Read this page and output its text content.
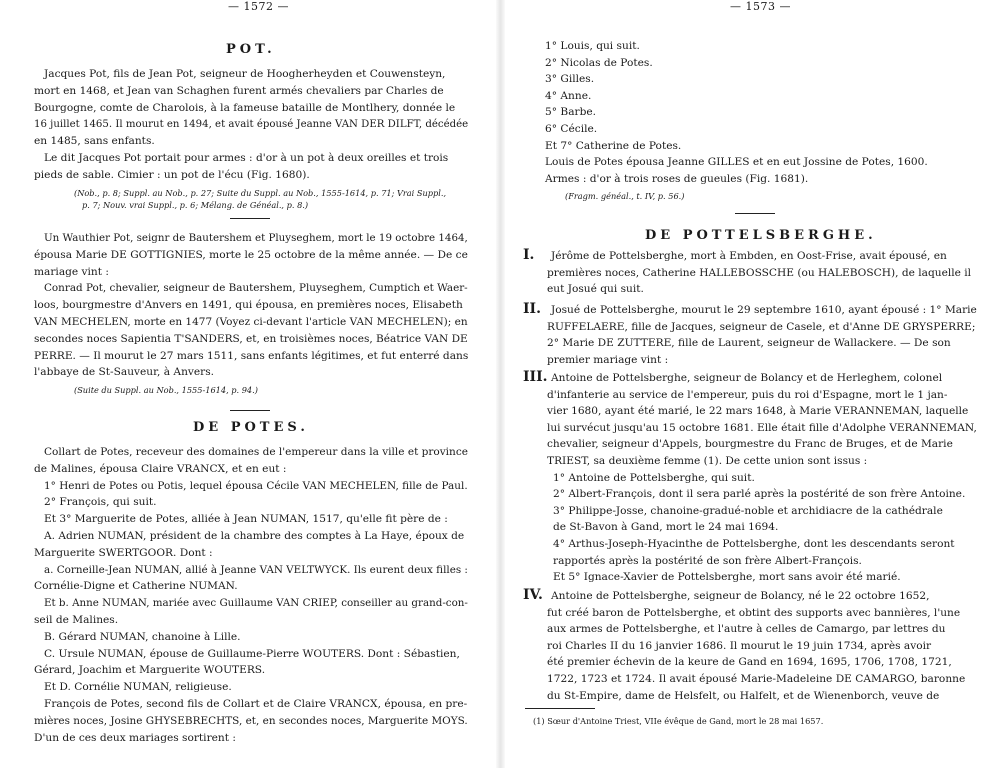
— 1572 —
POT.
Jacques Pot, fils de Jean Pot, seigneur de Hoogherheyden et Couwensteyn,
mort en 1468, et Jean van Schaghen furent armés chevaliers par Charles de
Bourgogne, comte de Charolois, à la fameuse bataille de Montlhery, donnée le
16 juillet 1465. Il mourut en 1494, et avait épousé Jeanne VAN DER DILFT, décédée
en 1485, sans enfants.
Le dit Jacques Pot portait pour armes : d'or à un pot à deux oreilles et trois
pieds de sable. Cimier : un pot de l'écu (Fig. 1680).
(Nob., p. 8; Suppl. au Nob., p. 27; Suite du Suppl. au Nob., 1555-1614, p. 71; Vrai Suppl.,
p. 7; Nouv. vrai Suppl., p. 6; Mélang. de Généal., p. 8.)
Un Wauthier Pot, seignr de Bautershem et Pluyseghem, mort le 19 octobre 1464,
épousa Marie DE GOTTIGNIES, morte le 25 octobre de la même année. — De ce
mariage vint :
Conrad Pot, chevalier, seigneur de Bautershem, Pluyseghem, Cumptich et Waer-
loos, bourgmestre d'Anvers en 1491, qui épousa, en premières noces, Elisabeth
VAN MECHELEN, morte en 1477 (Voyez ci-devant l'article VAN MECHELEN); en
secondes noces Sapientia T'SANDERS, et, en troisièmes noces, Béatrice VAN DE
PERRE. — Il mourut le 27 mars 1511, sans enfants légitimes, et fut enterré dans
l'abbaye de St-Sauveur, à Anvers.
(Suite du Suppl. au Nob., 1555-1614, p. 94.)
DE POTES.
Collart de Potes, receveur des domaines de l'empereur dans la ville et province
de Malines, épousa Claire VRANCX, et en eut :
1° Henri de Potes ou Potis, lequel épousa Cécile VAN MECHELEN, fille de Paul.
2° François, qui suit.
Et 3° Marguerite de Potes, alliée à Jean NUMAN, 1517, qu'elle fit père de :
A. Adrien NUMAN, président de la chambre des comptes à La Haye, époux de
Marguerite SWERTGOOR. Dont :
a. Corneille-Jean NUMAN, allié à Jeanne VAN VELTWYCK. Ils eurent deux filles :
Cornélie-Digne et Catherine NUMAN.
Et b. Anne NUMAN, mariée avec Guillaume VAN CRIEP, conseiller au grand-con-
seil de Malines.
B. Gérard NUMAN, chanoine à Lille.
C. Ursule NUMAN, épouse de Guillaume-Pierre WOUTERS. Dont : Sébastien,
Gérard, Joachim et Marguerite WOUTERS.
Et D. Cornélie NUMAN, religieuse.
François de Potes, second fils de Collart et de Claire VRANCX, épousa, en pre-
mières noces, Josine GHYSEBRECHTS, et, en secondes noces, Marguerite MOYS.
D'un de ces deux mariages sortirent :
— 1573 —
1° Louis, qui suit.
2° Nicolas de Potes.
3° Gilles.
4° Anne.
5° Barbe.
6° Cécile.
Et 7° Catherine de Potes.
Louis de Potes épousa Jeanne GILLES et en eut Jossine de Potes, 1600.
Armes : d'or à trois roses de gueules (Fig. 1681).
(Fragm. généal., t. IV, p. 56.)
DE POTTELSBERGHE.
I. Jérôme de Pottelsberghe, mort à Embden, en Oost-Frise, avait épousé, en
premières noces, Catherine HALLEBOSSCHE (ou HALEBOSCH), de laquelle il
eut Josué qui suit.
II. Josué de Pottelsberghe, mourut le 29 septembre 1610, ayant épousé : 1° Marie
RUFFELAERE, fille de Jacques, seigneur de Casele, et d'Anne DE GRYSPERRE;
2° Marie DE ZUTTERE, fille de Laurent, seigneur de Wallackere. — De son
premier mariage vint :
III. Antoine de Pottelsberghe, seigneur de Bolancy et de Herleghem, colonel
d'infanterie au service de l'empereur, puis du roi d'Espagne, mort le 1 jan-
vier 1680, ayant été marié, le 22 mars 1648, à Marie VERANNEMAN, laquelle
lui survécut jusqu'au 15 octobre 1681. Elle était fille d'Adolphe VERANNEMAN,
chevalier, seigneur d'Appels, bourgmestre du Franc de Bruges, et de Marie
TRIEST, sa deuxième femme (1). De cette union sont issus :
1° Antoine de Pottelsberghe, qui suit.
2° Albert-François, dont il sera parlé après la postérité de son frère Antoine.
3° Philippe-Josse, chanoine-gradué-noble et archidiacre de la cathédrale
de St-Bavon à Gand, mort le 24 mai 1694.
4° Arthus-Joseph-Hyacinthe de Pottelsberghe, dont les descendants seront
rapportés après la postérité de son frère Albert-François.
Et 5° Ignace-Xavier de Pottelsberghe, mort sans avoir été marié.
IV. Antoine de Pottelsberghe, seigneur de Bolancy, né le 22 octobre 1652,
fut créé baron de Pottelsberghe, et obtint des supports avec bannières, l'une
aux armes de Pottelsberghe, et l'autre à celles de Camargo, par lettres du
roi Charles II du 16 janvier 1686. Il mourut le 19 juin 1734, après avoir
été premier échevin de la keure de Gand en 1694, 1695, 1706, 1708, 1721,
1722, 1723 et 1724. Il avait épousé Marie-Madeleine DE CAMARGO, baronne
du St-Empire, dame de Helsfelt, ou Halfelt, et de Wienenborch, veuve de
(1) Sœur d'Antoine Triest, VIIe évêque de Gand, mort le 28 mai 1657.
